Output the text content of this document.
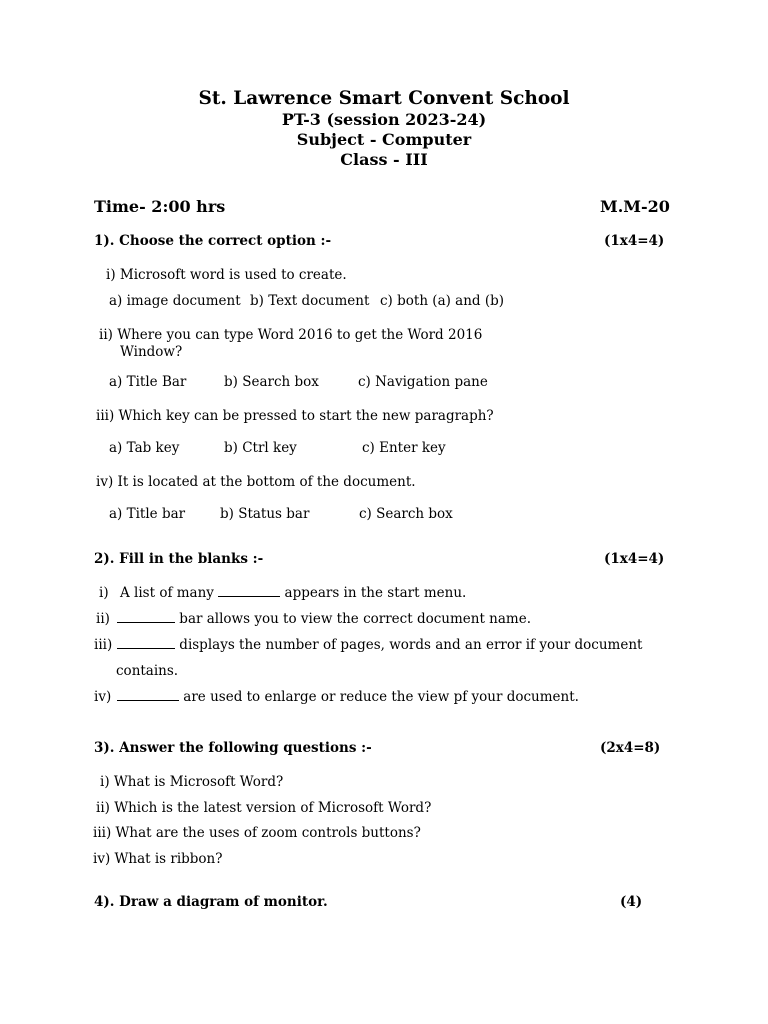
St. Lawrence Smart Convent School
PT-3 (session 2023-24)
Subject - Computer
Class - III
Time- 2:00 hrs	M.M-20
1). Choose the correct option :-	(1x4=4)
i) Microsoft word is used to create.
a) image document b) Text document c) both (a) and (b)
ii) Where you can type Word 2016 to get the Word 2016
Window?
a) Title Bar	b) Search box	c) Navigation pane
iii) Which key can be pressed to start the new paragraph?
a) Tab key	b) Ctrl key	c) Enter key
iv) It is located at the bottom of the document.
a) Title bar	b) Status bar	c) Search box
2). Fill in the blanks :-	(1x4=4)
i) A list of many	appears in the start menu.
ii)	bar allows you to view the correct document name.
iii)	displays the number of pages, words and an error if your document
contains.
iv)	are used to enlarge or reduce the view pf your document.
3). Answer the following questions :-	(2x4=8)
i) What is Microsoft Word?
ii) Which is the latest version of Microsoft Word?
iii) What are the uses of zoom controls buttons?
iv) What is ribbon?
4). Draw a diagram of monitor.	(4)
